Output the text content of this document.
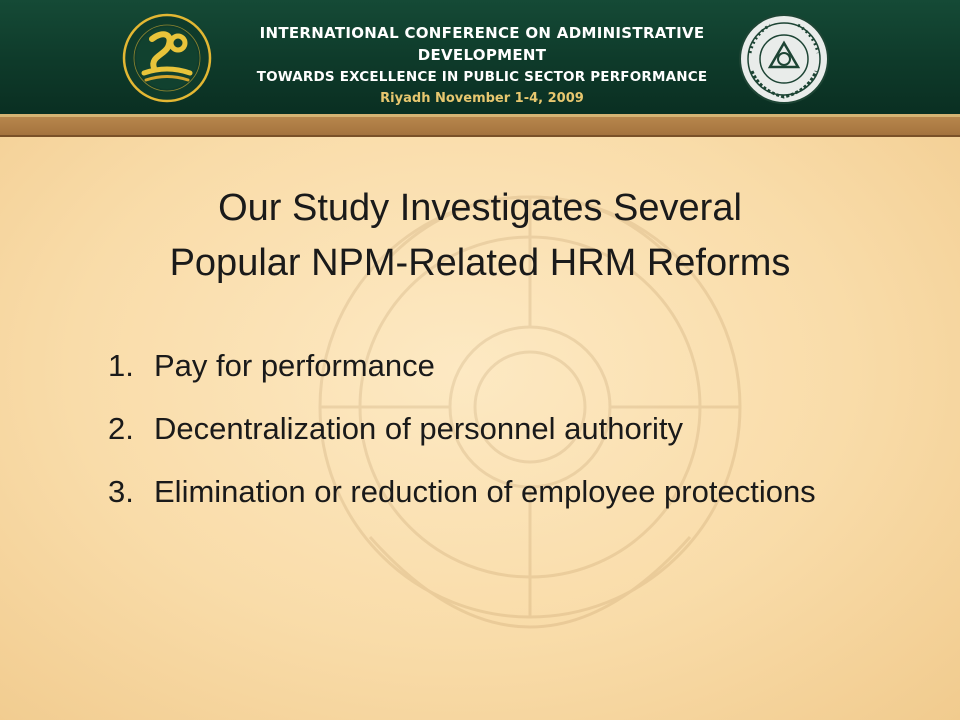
INTERNATIONAL CONFERENCE ON ADMINISTRATIVE DEVELOPMENT
TOWARDS EXCELLENCE IN PUBLIC SECTOR PERFORMANCE
Riyadh November 1-4, 2009
Our Study Investigates Several
Popular NPM-Related HRM Reforms
1. Pay for performance
2. Decentralization of personnel authority
3. Elimination or reduction of employee protections
